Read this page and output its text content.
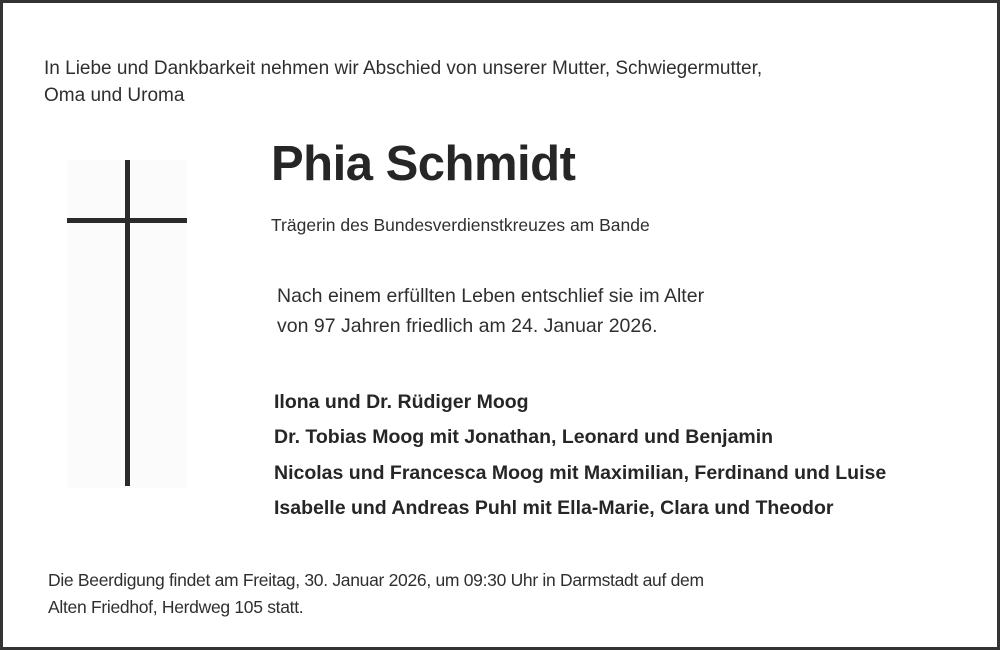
In Liebe und Dankbarkeit nehmen wir Abschied von unserer Mutter, Schwiegermutter,
Oma und Uroma
Phia Schmidt
Trägerin des Bundesverdienstkreuzes am Bande
Nach einem erfüllten Leben entschlief sie im Alter
von 97 Jahren friedlich am 24. Januar 2026.
Ilona und Dr. Rüdiger Moog
Dr. Tobias Moog mit Jonathan, Leonard und Benjamin
Nicolas und Francesca Moog mit Maximilian, Ferdinand und Luise
Isabelle und Andreas Puhl mit Ella-Marie, Clara und Theodor
Die Beerdigung findet am Freitag, 30. Januar 2026, um 09:30 Uhr in Darmstadt auf dem
Alten Friedhof, Herdweg 105 statt.
